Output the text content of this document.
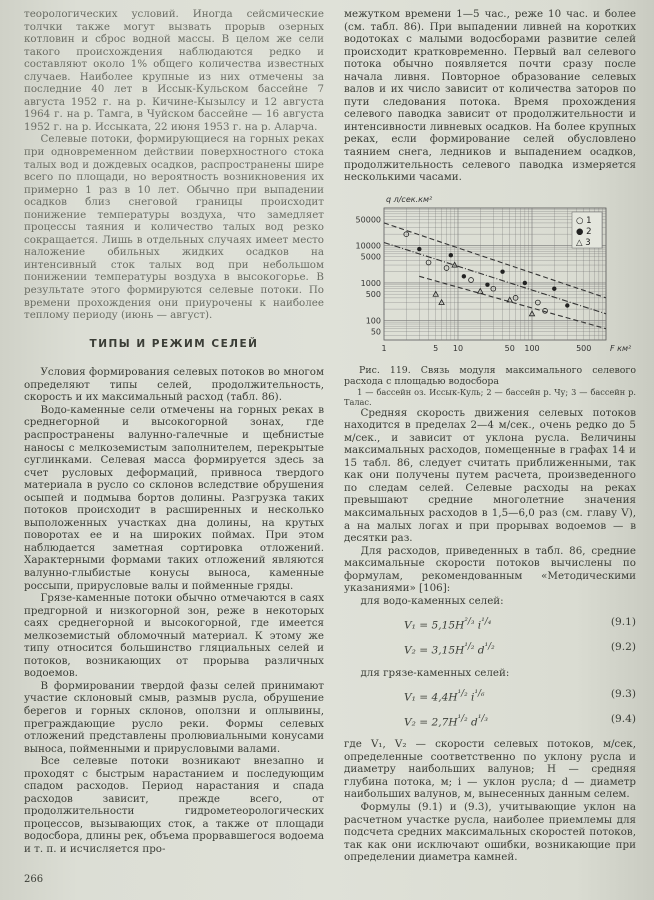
теорологических условий. Иногда сейсмические толчки также могут вызвать прорыв озерных котловин и сброс водной массы. В целом же сели такого происхождения наблюдаются редко и составляют около 1% общего количества известных случаев. Наиболее крупные из них отмечены за последние 40 лет в Иссык-Кульском бассейне 7 августа 1952 г. на р. Кичине-Кызылсу и 12 августа 1964 г. на р. Тамга, в Чуйском бассейне — 16 августа 1952 г. на р. Иссыката, 22 июня 1953 г. на р. Аларча.

Селевые потоки, формирующиеся на горных реках при одновременном действии поверхностного стока талых вод и дождевых осадков, распространены шире всего по площади, но вероятность возникновения их примерно 1 раз в 10 лет. Обычно при выпадении осадков близ снеговой границы происходит понижение температуры воздуха, что замедляет процессы таяния и количество талых вод резко сокращается. Лишь в отдельных случаях имеет место наложение обильных жидких осадков на интенсивный сток талых вод при небольшом понижении температуры воздуха в высокогорье. В результате этого формируются селевые потоки. По времени прохождения они приурочены к наиболее теплому периоду (июнь — август).

ТИПЫ И РЕЖИМ СЕЛЕЙ

Условия формирования селевых потоков во многом определяют типы селей, продолжительность, скорость и их максимальный расход (табл. 86).

Водо-каменные сели отмечены на горных реках в среднегорной и высокогорной зонах, где распространены валунно-галечные и щебнистые наносы с мелкоземистым заполнителем, перекрытые суглинками. Селевая масса формируется здесь за счет русловых деформаций, привноса твердого материала в русло со склонов вследствие обрушения осыпей и подмыва бортов долины. Разгрузка таких потоков происходит в расширенных и несколько выположенных участках дна долины, на крутых поворотах ее и на широких поймах. При этом наблюдается заметная сортировка отложений. Характерными формами таких отложений являются валунно-глыбистые конусы выноса, каменные россыпи, прирусловые валы и пойменные гряды.

Грязе-каменные потоки обычно отмечаются в саях предгорной и низкогорной зон, реже в некоторых саях среднегорной и высокогорной, где имеется мелкоземистый обломочный материал. К этому же типу относится большинство гляциальных селей и потоков, возникающих от прорыва различных водоемов.

В формировании твердой фазы селей принимают участие склоновый смыв, размыв русла, обрушение берегов и горных склонов, оползни и оплывины, преграждающие русло реки. Формы селевых отложений представлены пролювиальными конусами выноса, пойменными и прирусловыми валами.

Все селевые потоки возникают внезапно и проходят с быстрым нарастанием и последующим спадом расходов. Период нарастания и спада расходов зависит, прежде всего, от продолжительности гидрометеорологических процессов, вызывающих сток, а также от площади водосбора, длины рек, объема прорвавшегося водоема и т. п. и исчисляется про-

межутком времени 1—5 час., реже 10 час. и более (см. табл. 86). При выпадении ливней на коротких водотоках с малыми водосборами развитие селей происходит кратковременно. Первый вал селевого потока обычно появляется почти сразу после начала ливня. Повторное образование селевых валов и их число зависит от количества заторов по пути следования потока. Время прохождения селевого паводка зависит от продолжительности и интенсивности ливневых осадков. На более крупных реках, если формирование селей обусловлено таянием снега, ледников и выпадением осадков, продолжительность селевого паводка измеряется несколькими часами.

1	5 10	50 100	500
50
100
500
1000
5000
10000
50000
q л/сек.км²
F км²
○ 1
● 2
△ 3

Рис. 119. Связь модуля максимального селевого расхода с площадью водосбора

1 — бассейн оз. Иссык-Куль; 2 — бассейн р. Чу; 3 — бассейн р. Талас.

Средняя скорость движения селевых потоков находится в пределах 2—4 м/сек., очень редко до 5 м/сек., и зависит от уклона русла. Величины максимальных расходов, помещенные в графах 14 и 15 табл. 86, следует считать приближенными, так как они получены путем расчета, произведенного по следам селей. Селевые расходы на реках превышают средние многолетние значения максимальных расходов в 1,5—6,0 раз (см. главу V), а на малых логах и при прорывах водоемов — в десятки раз.

Для расходов, приведенных в табл. 86, средние максимальные скорости потоков вычислены по формулам, рекомендованным «Методическими указаниями» [106]:

для водо-каменных селей:

$V_1 = 5,15H^{^2/_3}$ $i^{^1/_4}$	(9.1)
$V_2 = 3,15H^{^1/_2}$ $d^{^1/_2}$	(9.2)

для грязе-каменных селей:

$V_1 = 4,4H^{^1/_2}$ $i^{^1/_6}$	(9.3)
$V_2 = 2,7H^{^1/_2}$ $d^{^1/_3}$	(9.4)

где V₁, V₂ — скорости селевых потоков, м/сек, определенные соответственно по уклону русла и диаметру наибольших валунов; H — средняя глубина потока, м; i — уклон русла; d — диаметр наибольших валунов, м, вынесенных данным селем.

Формулы (9.1) и (9.3), учитывающие уклон на расчетном участке русла, наиболее приемлемы для подсчета средних максимальных скоростей потоков, так как они исключают ошибки, возникающие при определении диаметра камней.

266
